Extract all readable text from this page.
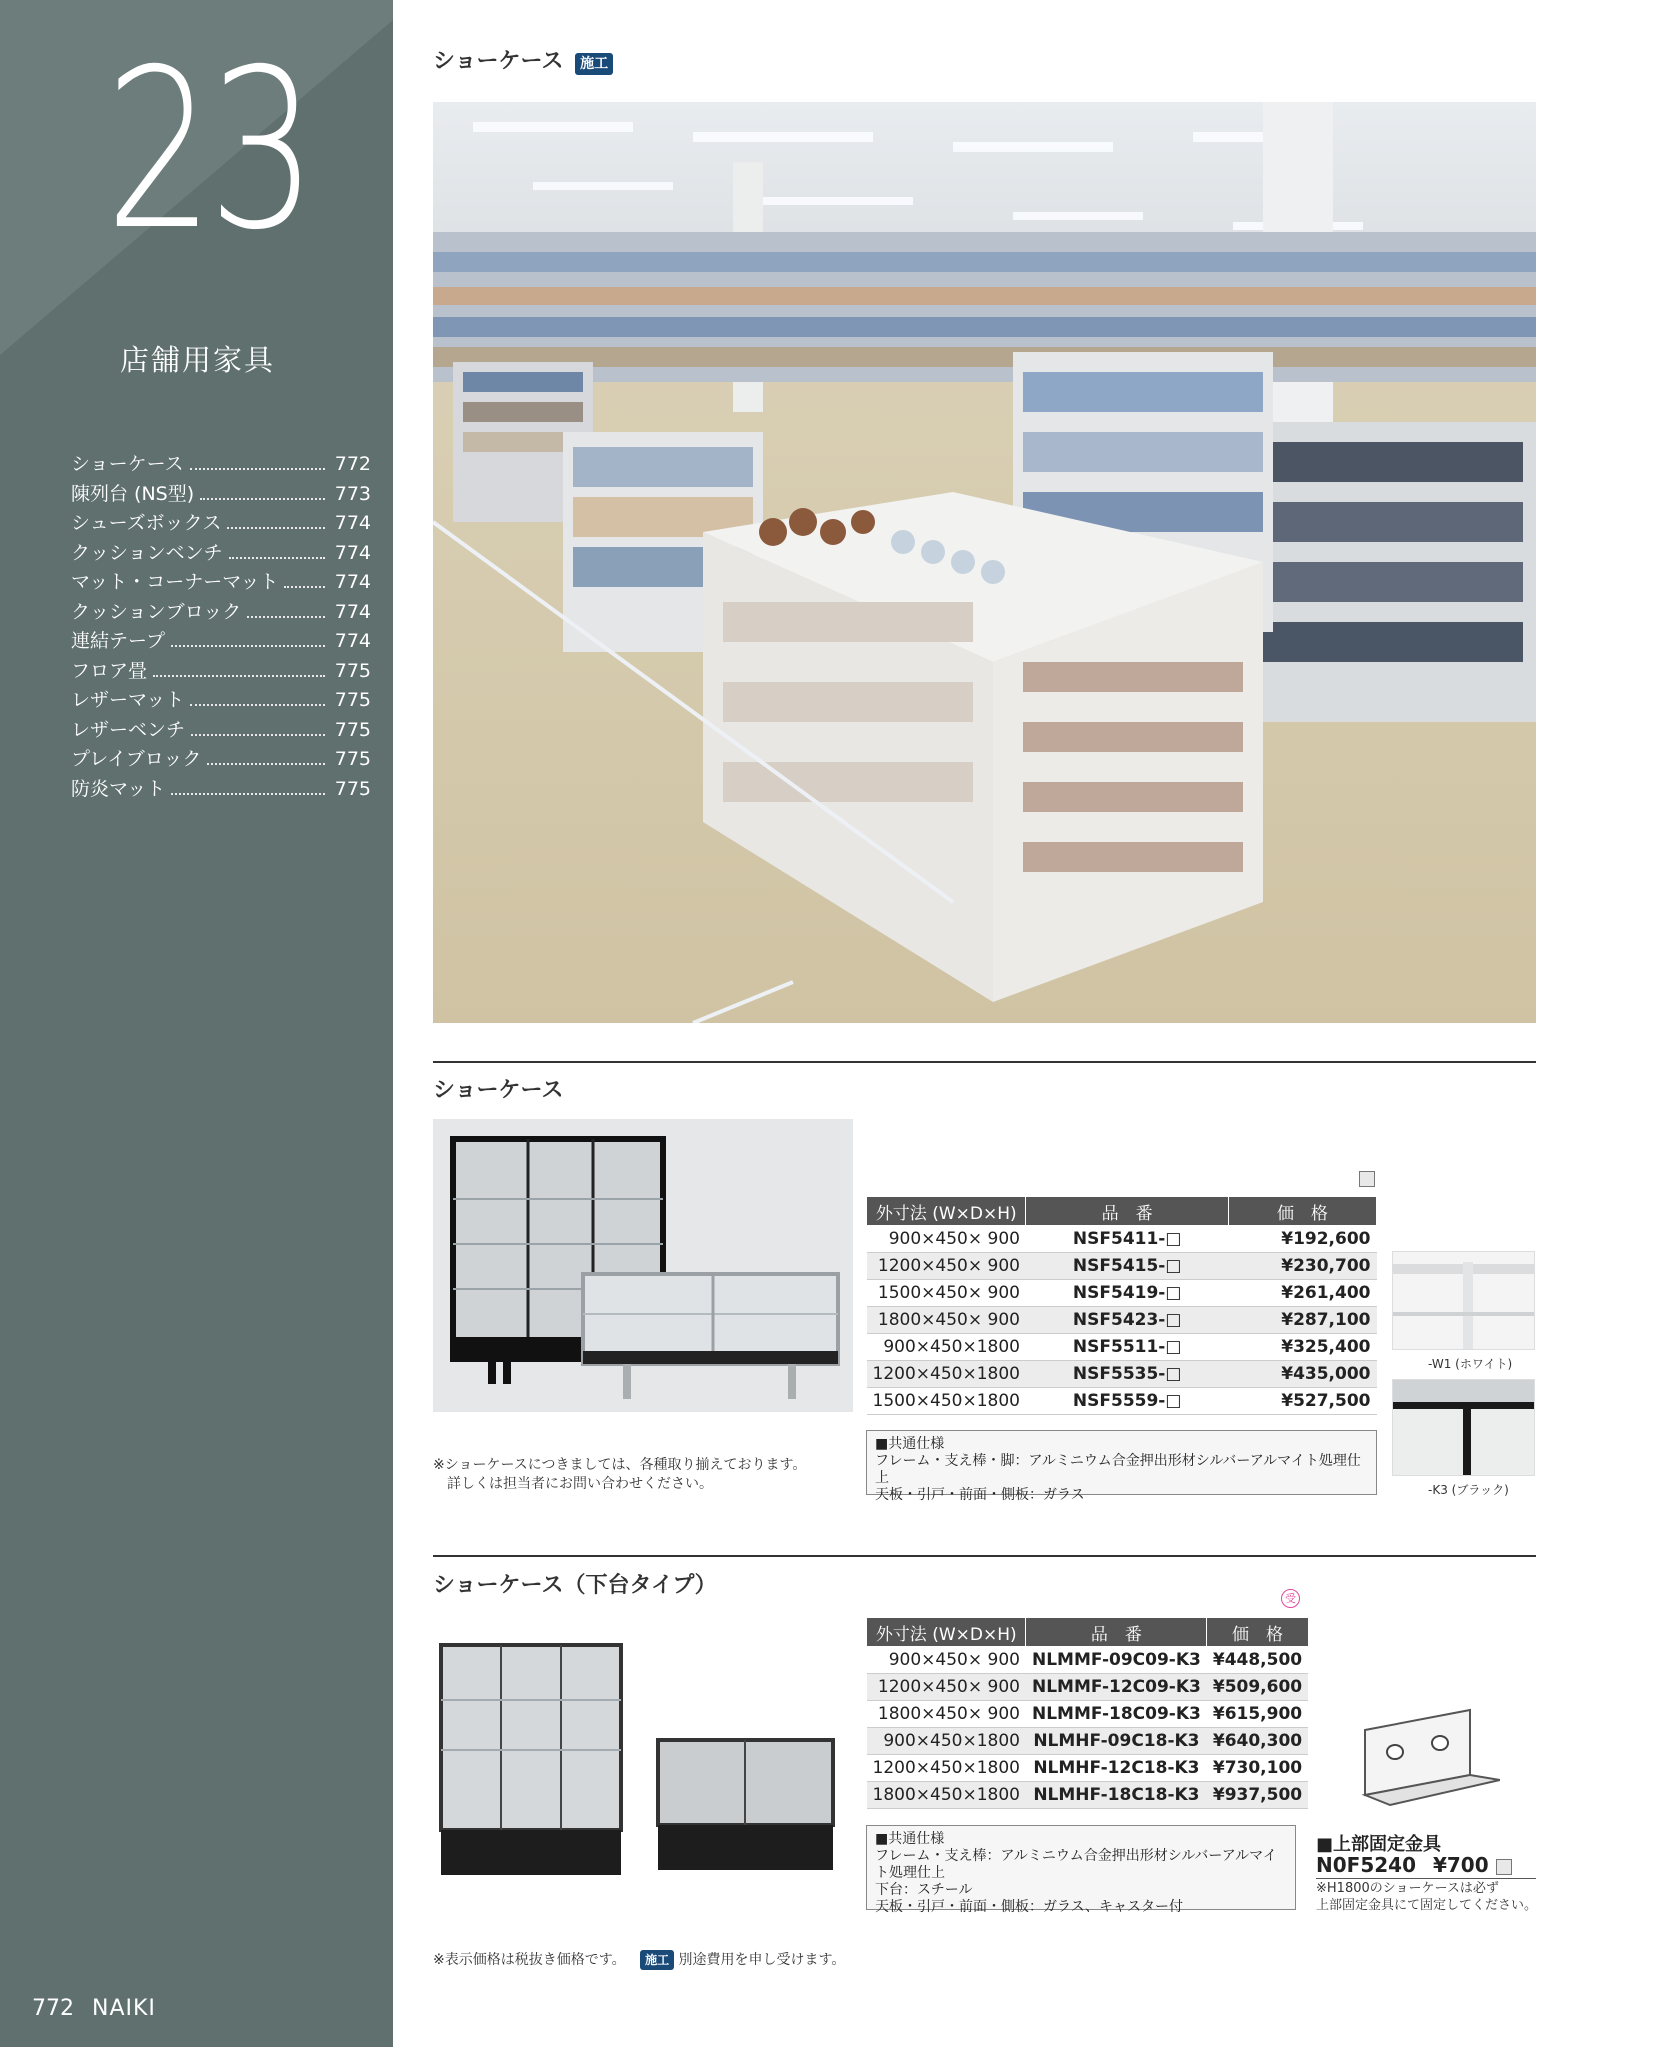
23
店舗用家具
ショーケース	772
陳列台 (NS型)	773
シューズボックス	774
クッションベンチ	774
マット・コーナーマット	774
クッションブロック	774
連結テープ	774
フロア畳	775
レザーマット	775
レザーベンチ	775
プレイブロック	775
防炎マット	775
772 NAIKI
ショーケース 施工
ショーケース
※ショーケースにつきましては、各種取り揃えております。
　詳しくは担当者にお問い合わせください。
外寸法 (W×D×H)	品　番	価　格
900×450× 900	NSF5411-□	¥192,600
1200×450× 900	NSF5415-□	¥230,700
1500×450× 900	NSF5419-□	¥261,400
1800×450× 900	NSF5423-□	¥287,100
900×450×1800	NSF5511-□	¥325,400
1200×450×1800	NSF5535-□	¥435,000
1500×450×1800	NSF5559-□	¥527,500
■共通仕様
フレーム・支え棒・脚：アルミニウム合金押出形材シルバーアルマイト処理仕上
天板・引戸・前面・側板：ガラス
-W1 (ホワイト)
-K3 (ブラック)
ショーケース（下台タイプ）
受
外寸法 (W×D×H)	品　番	価　格
900×450× 900	NLMMF-09C09-K3	¥448,500
1200×450× 900	NLMMF-12C09-K3	¥509,600
1800×450× 900	NLMMF-18C09-K3	¥615,900
900×450×1800	NLMHF-09C18-K3	¥640,300
1200×450×1800	NLMHF-12C18-K3	¥730,100
1800×450×1800	NLMHF-18C18-K3	¥937,500
■共通仕様
フレーム・支え棒：アルミニウム合金押出形材シルバーアルマイト処理仕上
下台：スチール
天板・引戸・前面・側板：ガラス、キャスター付
■上部固定金具
N0F5240 ¥700
※H1800のショーケースは必ず
上部固定金具にて固定してください。
※表示価格は税抜き価格です。 施工 別途費用を申し受けます。
